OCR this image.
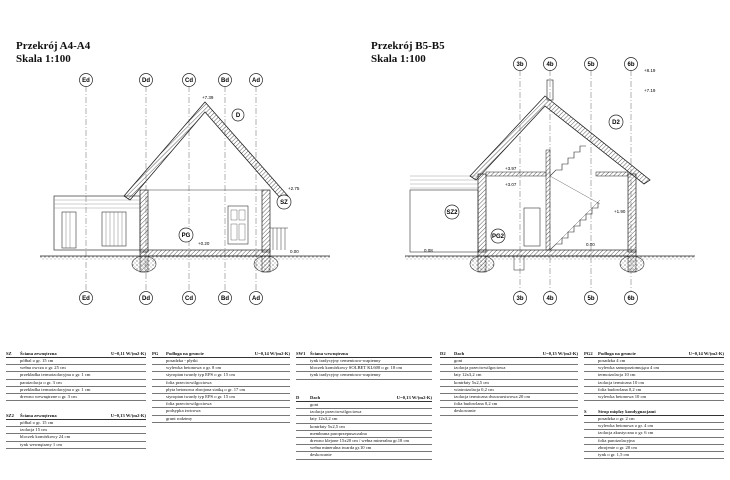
Przekrój A4-A4
Skala 1:100
Przekrój B5-B5
Skala 1:100
Ed
Ed
Dd
Dd
Cd
Cd
Bd
Bd
Ad
Ad
3b
3b
4b
4b
5b
5b
6b
6b
D
SZ
PG
D2
SZ2
PG2
+7.39
+2.75
+0.20
0.00
+8.19
+7.19
+3.97
+3.07
+1.90
0.00
0.08
SZ	Ściana zewnętrzna	U=0,11 W/(m2·K)
półbal o gr. 15 cm
wełna owcza o gr. 25 cm
przekładka termoizolacyjna o gr. 1 cm
paraizolacja o gr. 3 cm
przekładka termoizolacyjna o gr. 1 cm
drewno wewnętrzne o gr. 3 cm
SZ2	Ściana zewnętrzna	U=0,13 W/(m2·K)
półbal o gr. 15 cm
izolacja 15 cm
bloczek komórkowy 24 cm
tynk wewnętrzny 1 cm
PG	Podłoga na gruncie	U=0,14 W/(m2·K)
posadzka - płytki
wylewka betonowa o gr. 8 cm
styropian twardy typ EPS o gr. 15 cm
folia przeciwwilgociowa
płyta betonowa zbrojona siatką o gr. 17 cm
styropian twardy typ EPS o gr. 15 cm
folia przeciwwilgociowa
podsypka żwirowa
grunt rodzimy
SW1 Ściana wewnętrzna
tynk tradycyjny cementowo-wapienny
bloczek komórkowy SOLBET KL600 o gr. 18 cm
tynk tradycyjny cementowo-wapienny
D	Dach	U=0,13 W/(m2·K)
gont
izolacja przeciwwilgociowa
łaty 12x3,2 cm
kontrłaty 5x2,5 cm
membrana paroprzepuszczalna
drewno klejone 15x20 cm / wełna mineralna gr.18 cm
wełna mineralna twarda gr.10 cm
deskowanie
D2	Dach	U=0,15 W/(m2·K)
gont
izolacja przeciwwilgociowa
łaty 12x3,2 cm
kontrłaty 5x2,5 cm
wiatroizolacja 0,2 cm
izolacja termiczna dwuwarstwowa 20 cm
folia budowlana 0,2 cm
deskowanie
PG2	Podłoga na gruncie	U=0,14 W/(m2·K)
posadzka 4 cm
wylewka samopoziomująca 4 cm
termoizolacja 10 cm
izolacja termiczna 10 cm
folia budowlana 0,2 cm
wylewka betonowa 10 cm
S	Strop między kondygnacjami
posadzka o gr. 2 cm
wylewka betonowa o gr. 4 cm
izolacja akustyczna o gr. 6 cm
folia paroizolacyjna
zbrojenie o gr. 20 cm
tynk o gr. 1,5 cm
